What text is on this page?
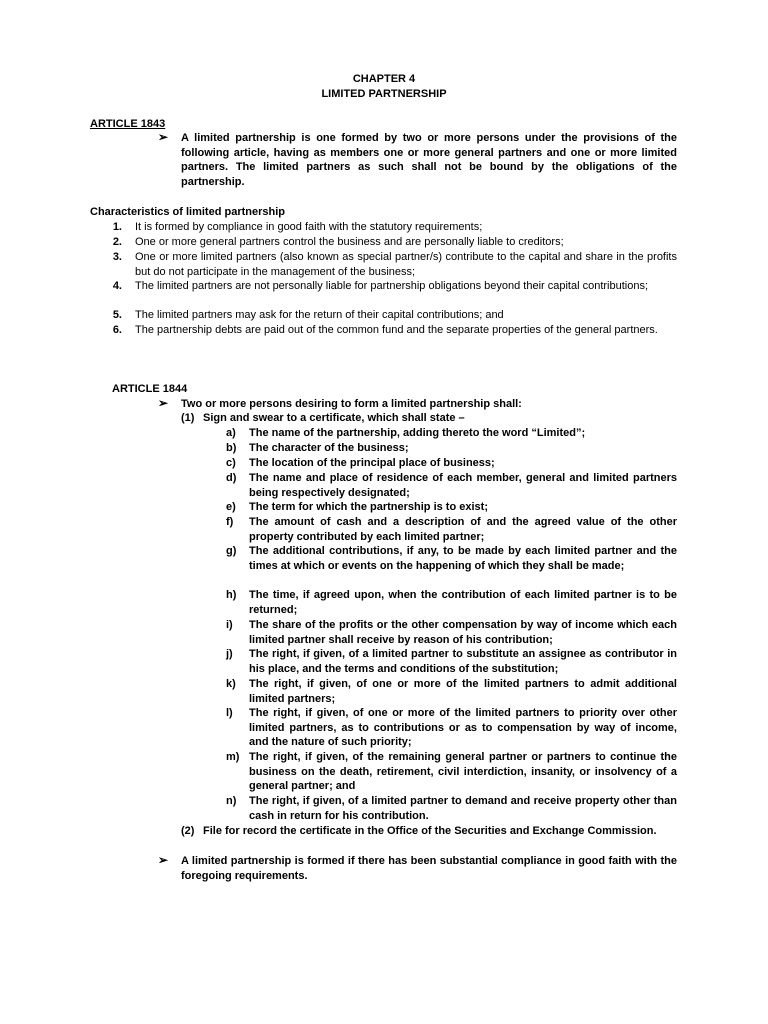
CHAPTER 4
LIMITED PARTNERSHIP
ARTICLE 1843
➢ A limited partnership is one formed by two or more persons under the provisions of the following article, having as members one or more general partners and one or more limited partners. The limited partners as such shall not be bound by the obligations of the partnership.
Characteristics of limited partnership
1. It is formed by compliance in good faith with the statutory requirements;
2. One or more general partners control the business and are personally liable to creditors;
3. One or more limited partners (also known as special partner/s) contribute to the capital and share in the profits but do not participate in the management of the business;
4. The limited partners are not personally liable for partnership obligations beyond their capital contributions;
5. The limited partners may ask for the return of their capital contributions; and
6. The partnership debts are paid out of the common fund and the separate properties of the general partners.
ARTICLE 1844
➢ Two or more persons desiring to form a limited partnership shall:
(1) Sign and swear to a certificate, which shall state –
a) The name of the partnership, adding thereto the word “Limited”;
b) The character of the business;
c) The location of the principal place of business;
d) The name and place of residence of each member, general and limited partners being respectively designated;
e) The term for which the partnership is to exist;
f) The amount of cash and a description of and the agreed value of the other property contributed by each limited partner;
g) The additional contributions, if any, to be made by each limited partner and the times at which or events on the happening of which they shall be made;
h) The time, if agreed upon, when the contribution of each limited partner is to be returned;
i) The share of the profits or the other compensation by way of income which each limited partner shall receive by reason of his contribution;
j) The right, if given, of a limited partner to substitute an assignee as contributor in his place, and the terms and conditions of the substitution;
k) The right, if given, of one or more of the limited partners to admit additional limited partners;
l) The right, if given, of one or more of the limited partners to priority over other limited partners, as to contributions or as to compensation by way of income, and the nature of such priority;
m) The right, if given, of the remaining general partner or partners to continue the business on the death, retirement, civil interdiction, insanity, or insolvency of a general partner; and
n) The right, if given, of a limited partner to demand and receive property other than cash in return for his contribution.
(2) File for record the certificate in the Office of the Securities and Exchange Commission.
➢ A limited partnership is formed if there has been substantial compliance in good faith with the foregoing requirements.
